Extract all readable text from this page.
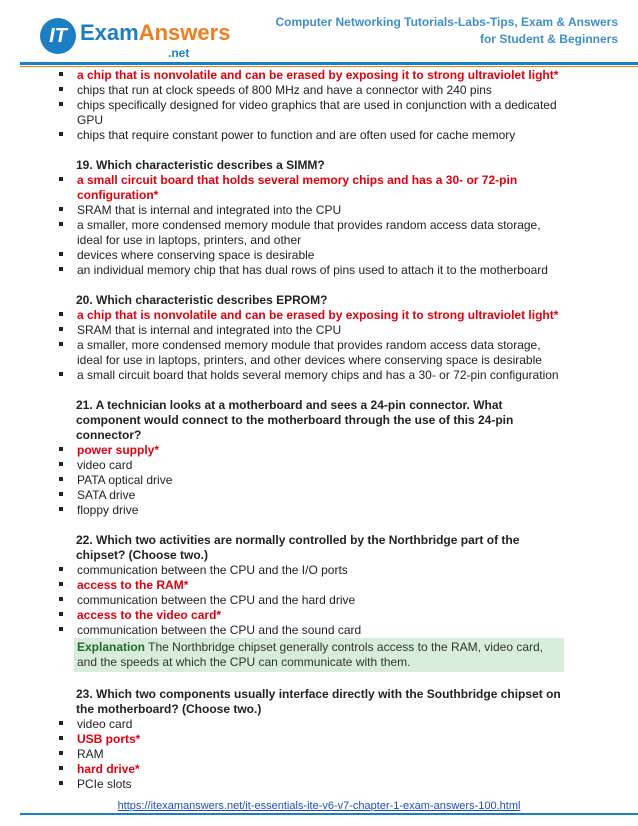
IT ExamAnswers
.net
Computer Networking Tutorials-Labs-Tips, Exam & Answers
for Student & Beginners

a chip that is nonvolatile and can be erased by exposing it to strong ultraviolet light*

chips that run at clock speeds of 800 MHz and have a connector with 240 pins

chips specifically designed for video graphics that are used in conjunction with a dedicated GPU

chips that require constant power to function and are often used for cache memory

19. Which characteristic describes a SIMM?

a small circuit board that holds several memory chips and has a 30- or 72-pin configuration*

SRAM that is internal and integrated into the CPU

a smaller, more condensed memory module that provides random access data storage, ideal for use in laptops, printers, and other

devices where conserving space is desirable

an individual memory chip that has dual rows of pins used to attach it to the motherboard

20. Which characteristic describes EPROM?

a chip that is nonvolatile and can be erased by exposing it to strong ultraviolet light*

SRAM that is internal and integrated into the CPU

a smaller, more condensed memory module that provides random access data storage, ideal for use in laptops, printers, and other devices where conserving space is desirable

a small circuit board that holds several memory chips and has a 30- or 72-pin configuration

21. A technician looks at a motherboard and sees a 24-pin connector. What component would connect to the motherboard through the use of this 24-pin connector?

power supply*

video card

PATA optical drive

SATA drive

floppy drive

22. Which two activities are normally controlled by the Northbridge part of the chipset? (Choose two.)

communication between the CPU and the I/O ports

access to the RAM*

communication between the CPU and the hard drive

access to the video card*

communication between the CPU and the sound card

Explanation The Northbridge chipset generally controls access to the RAM, video card, and the speeds at which the CPU can communicate with them.

23. Which two components usually interface directly with the Southbridge chipset on the motherboard? (Choose two.)

video card

USB ports*

RAM

hard drive*

PCIe slots

https://itexamanswers.net/it-essentials-ite-v6-v7-chapter-1-exam-answers-100.html
